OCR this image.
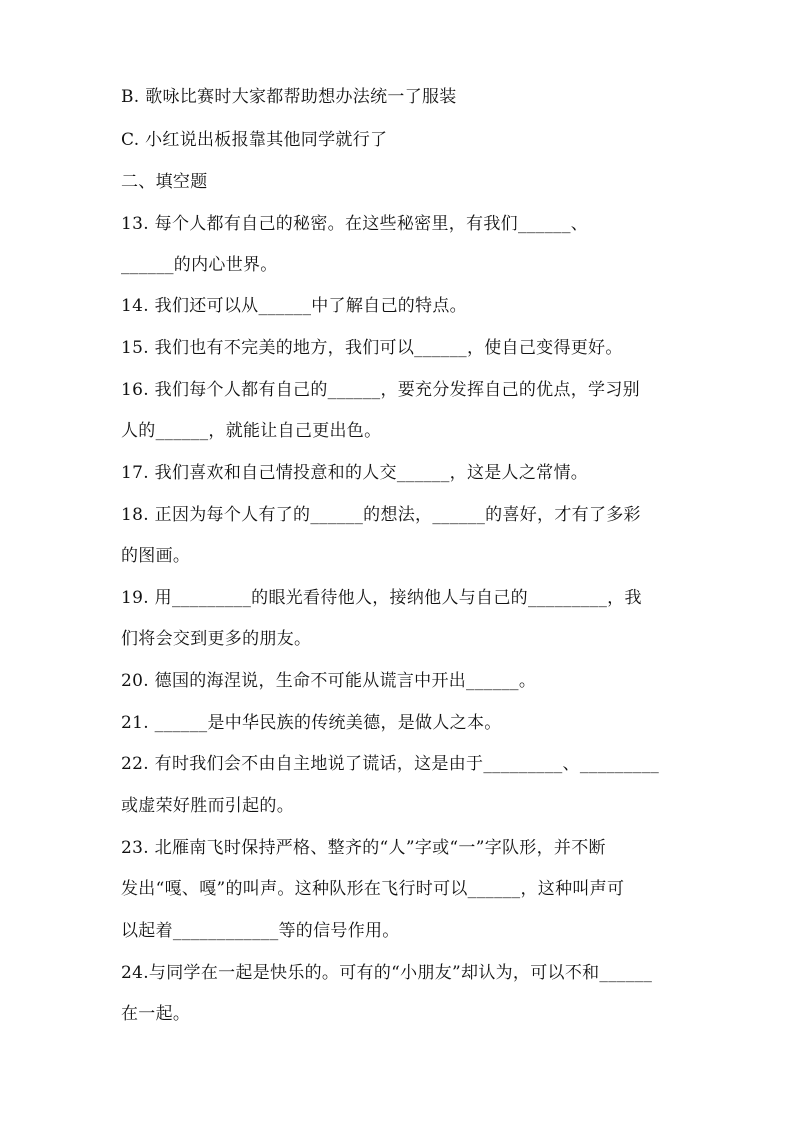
B. 歌咏比赛时大家都帮助想办法统一了服装
C. 小红说出板报靠其他同学就行了
二、填空题
13. 每个人都有自己的秘密。在这些秘密里，有我们______、
______的内心世界。
14. 我们还可以从______中了解自己的特点。
15. 我们也有不完美的地方，我们可以______，使自己变得更好。
16. 我们每个人都有自己的______，要充分发挥自己的优点，学习别
人的______，就能让自己更出色。
17. 我们喜欢和自己情投意和的人交______，这是人之常情。
18. 正因为每个人有了的______的想法，______的喜好，才有了多彩
的图画。
19. 用_________的眼光看待他人，接纳他人与自己的_________，我
们将会交到更多的朋友。
20. 德国的海涅说，生命不可能从谎言中开出______。
21. ______是中华民族的传统美德，是做人之本。
22. 有时我们会不由自主地说了谎话，这是由于_________、_________
或虚荣好胜而引起的。
23. 北雁南飞时保持严格、整齐的“人”字或“一”字队形，并不断
发出“嘎、嘎”的叫声。这种队形在飞行时可以______，这种叫声可
以起着____________等的信号作用。
24.与同学在一起是快乐的。可有的“小朋友”却认为，可以不和______
在一起。
